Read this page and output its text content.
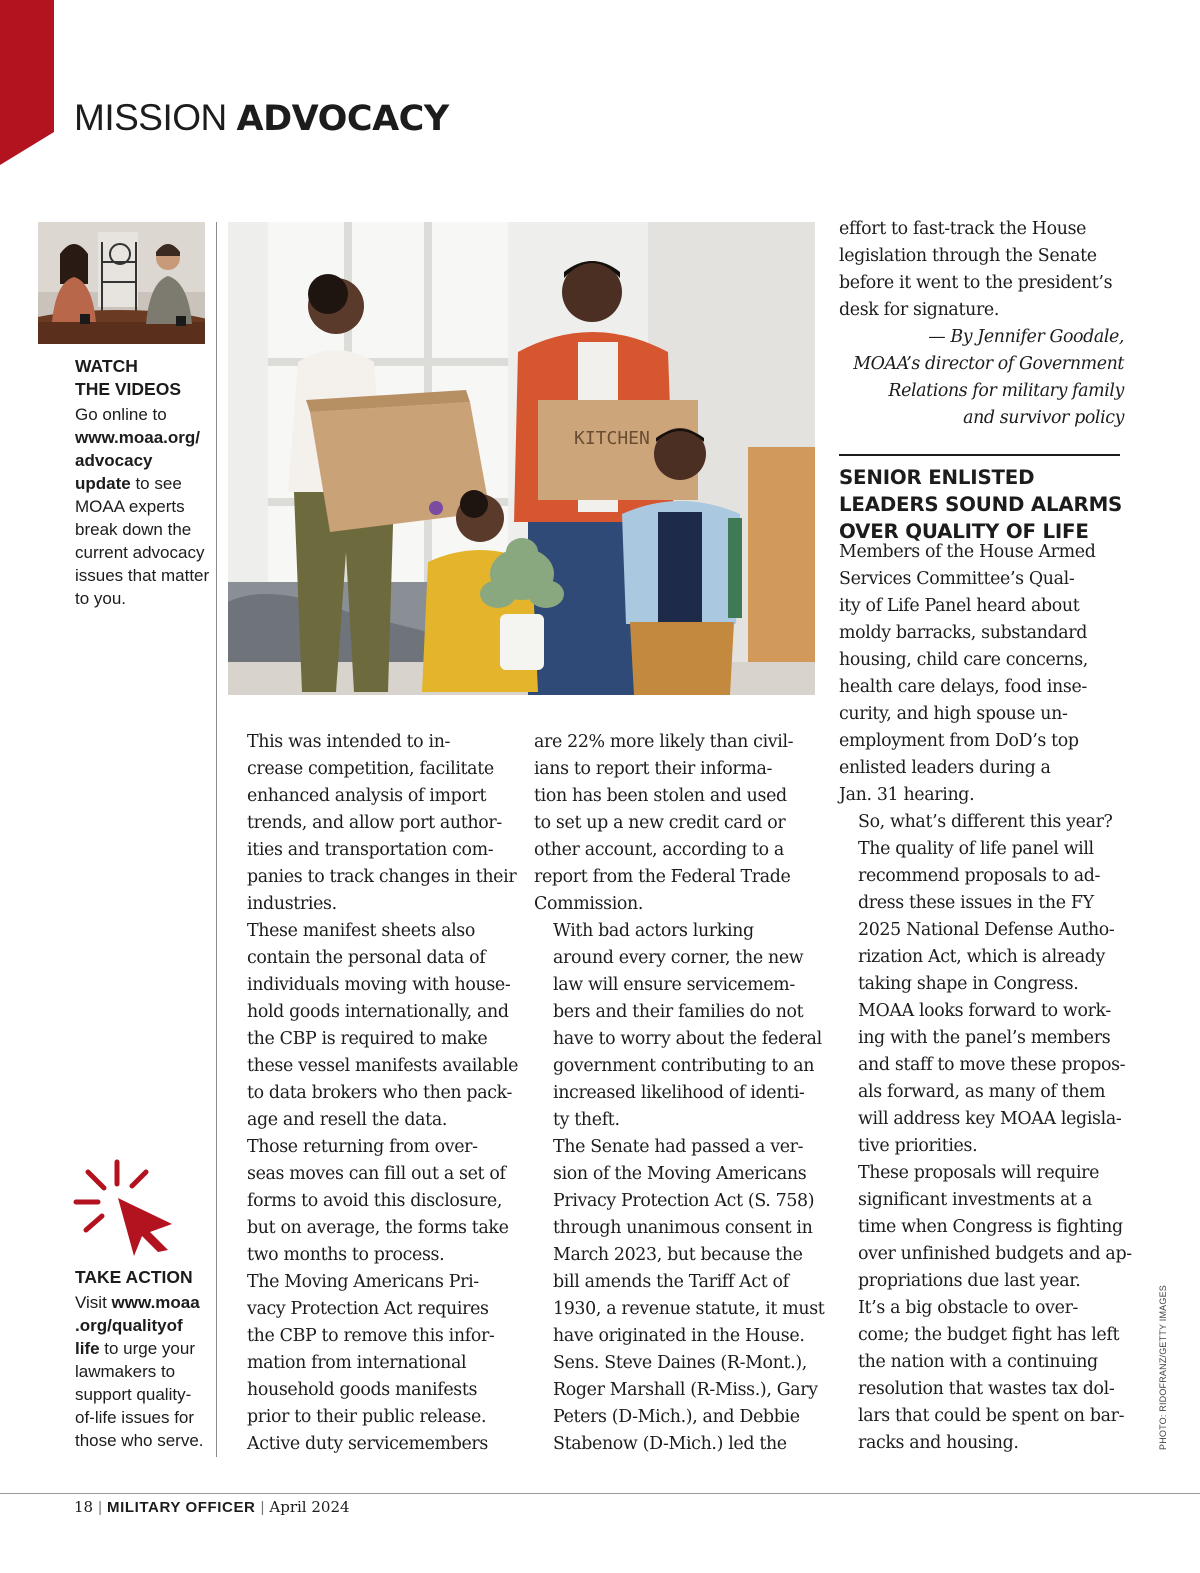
MISSION ADVOCACY
WATCH
THE VIDEOS

Go online to www.moaa.org/ advocacy update to see MOAA experts break down the current advocacy issues that matter to you.

TAKE ACTION

Visit www.moaa .org/qualityof life to urge your lawmakers to support quality-of-life issues for those who serve.

KITCHEN

This was intended to in-
crease competition, facilitate
enhanced analysis of import
trends, and allow port author-
ities and transportation com-
panies to track changes in their
industries.

These manifest sheets also
contain the personal data of
individuals moving with house-
hold goods internationally, and
the CBP is required to make
these vessel manifests available
to data brokers who then pack-
age and resell the data.

Those returning from over-
seas moves can fill out a set of
forms to avoid this disclosure,
but on average, the forms take
two months to process.

The Moving Americans Pri-
vacy Protection Act requires
the CBP to remove this infor-
mation from international
household goods manifests
prior to their public release.

Active duty servicemembers

are 22% more likely than civil-
ians to report their informa-
tion has been stolen and used
to set up a new credit card or
other account, according to a
report from the Federal Trade
Commission.

With bad actors lurking
around every corner, the new
law will ensure servicemem-
bers and their families do not
have to worry about the federal
government contributing to an
increased likelihood of identi-
ty theft.

The Senate had passed a ver-
sion of the Moving Americans
Privacy Protection Act (S. 758)
through unanimous consent in
March 2023, but because the
bill amends the Tariff Act of
1930, a revenue statute, it must
have originated in the House.
Sens. Steve Daines (R-Mont.),
Roger Marshall (R-Miss.), Gary
Peters (D-Mich.), and Debbie
Stabenow (D-Mich.) led the

effort to fast-track the House
legislation through the Senate
before it went to the president’s
desk for signature.

— By Jennifer Goodale,
MOAA’s director of Government
Relations for military family
and survivor policy

SENIOR ENLISTED
LEADERS SOUND ALARMS
OVER QUALITY OF LIFE

Members of the House Armed
Services Committee’s Qual-
ity of Life Panel heard about
moldy barracks, substandard
housing, child care concerns,
health care delays, food inse-
curity, and high spouse un-
employment from DoD’s top
enlisted leaders during a
Jan. 31 hearing.

So, what’s different this year?

The quality of life panel will
recommend proposals to ad-
dress these issues in the FY
2025 National Defense Autho-
rization Act, which is already
taking shape in Congress.
MOAA looks forward to work-
ing with the panel’s members
and staff to move these propos-
als forward, as many of them
will address key MOAA legisla-
tive priorities.

These proposals will require
significant investments at a
time when Congress is fighting
over unfinished budgets and ap-
propriations due last year.

It’s a big obstacle to over-
come; the budget fight has left
the nation with a continuing
resolution that wastes tax dol-
lars that could be spent on bar-
racks and housing.	PHOTO: RIDOFRANZ/GETTY IMAGES
18 | MILITARY OFFICER | April 2024
